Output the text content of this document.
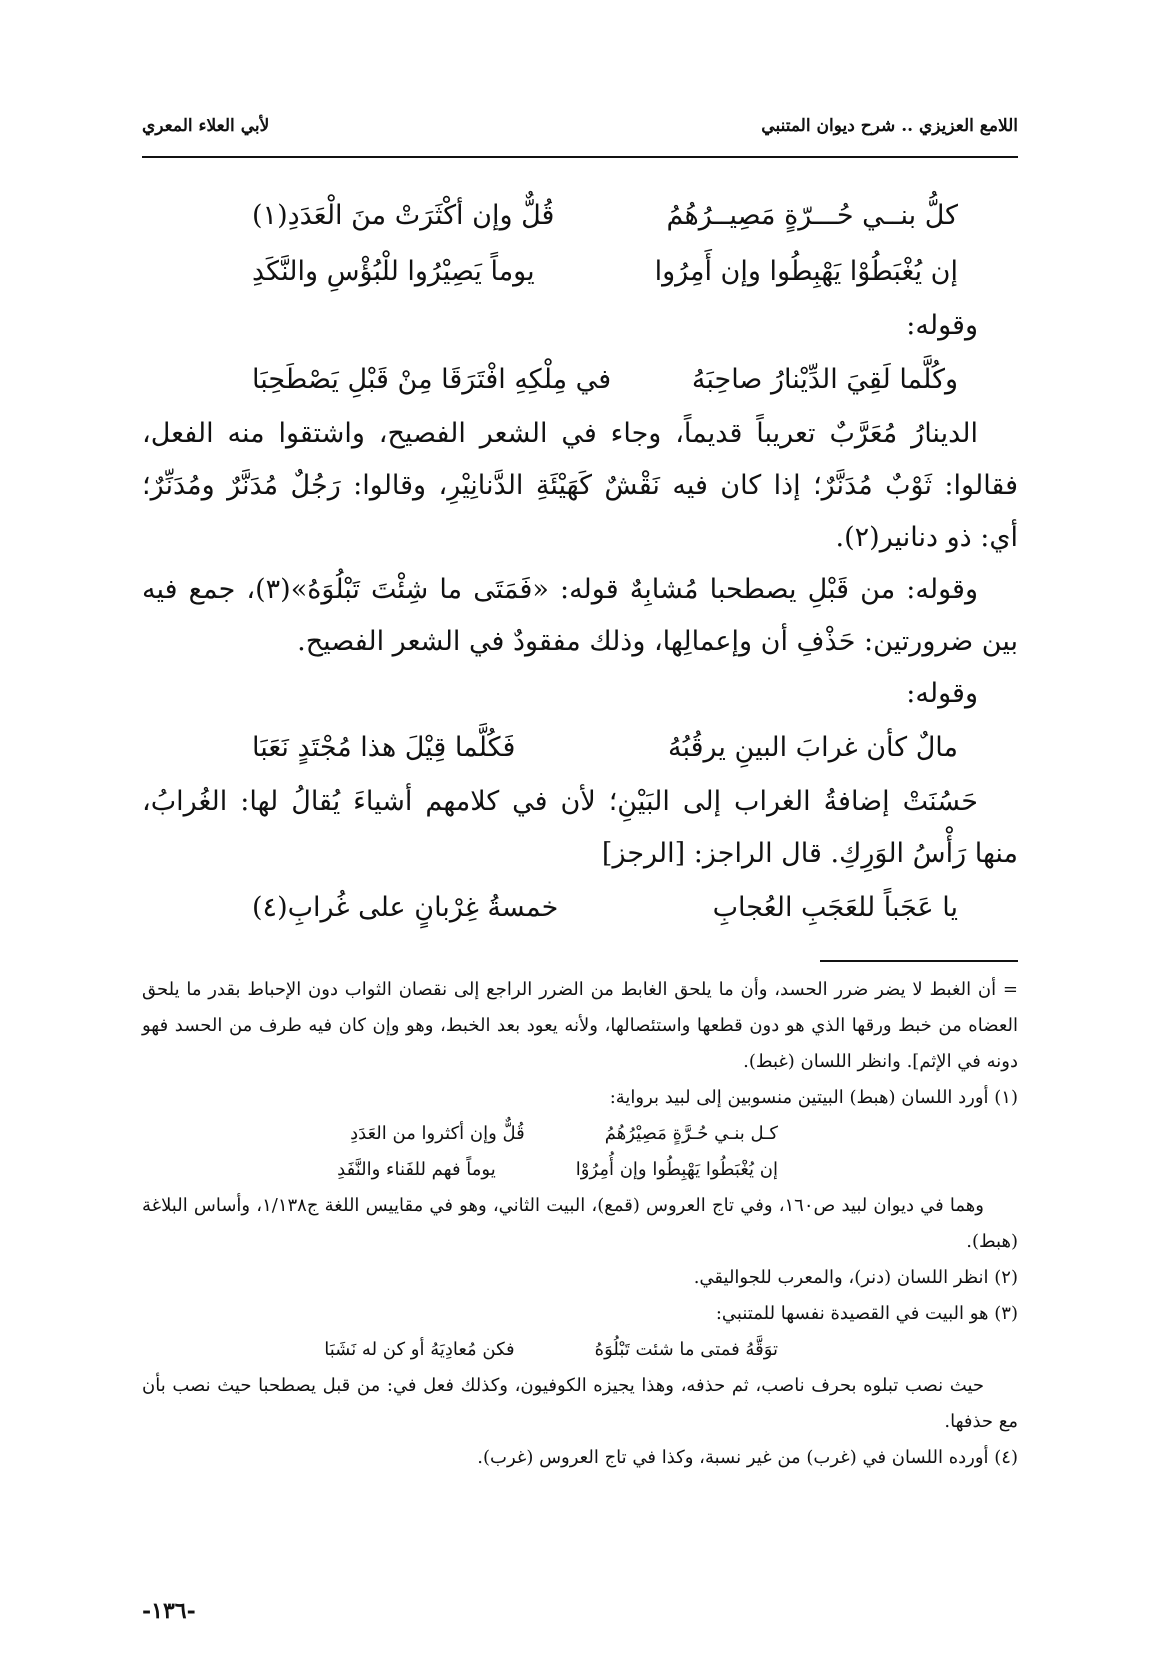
اللامع العزيزي .. شرح ديوان المتنبي
لأبي العلاء المعري
كلُّ بنــي حُـــرّةٍ مَصِيــرُهُمُ
قُلٌّ وإن أكْثَرَتْ منَ الْعَدَدِ(١)
إن يُغْبَطُوْا يَهْبِطُوا وإن أَمِرُوا
يوماً يَصِيْرُوا للْبُؤْسِ والنَّكَدِ
وقوله:
وكُلَّما لَقِيَ الدِّيْنارُ صاحِبَهُ
في مِلْكِهِ افْتَرَقَا مِنْ قَبْلِ يَصْطَحِبَا

الدينارُ مُعَرَّبٌ تعريباً قديماً، وجاء في الشعر الفصيح، واشتقوا منه الفعل، فقالوا: ثَوْبٌ مُدَنَّرٌ؛ إذا كان فيه نَقْشٌ كَهَيْئَةِ الدَّنانِيْرِ، وقالوا: رَجُلٌ مُدَنَّرٌ ومُدَنِّرٌ؛ أي: ذو دنانير(٢).

وقوله: من قَبْلِ يصطحبا مُشابِهٌ قوله: «فَمَتَى ما شِئْتَ تَبْلُوَهُ»(٣)، جمع فيه بين ضرورتين: حَذْفِ أن وإعمالِها، وذلك مفقودٌ في الشعر الفصيح.

وقوله:
مالٌ كأن غرابَ البينِ يرقُبُهُ
فَكُلَّما قِيْلَ هذا مُجْتَدٍ نَعَبَا

حَسُنَتْ إضافةُ الغراب إلى البَيْنِ؛ لأن في كلامهم أشياءَ يُقالُ لها: الغُرابُ، منها رَأْسُ الوَرِكِ. قال الراجز: [الرجز]

يا عَجَباً للعَجَبِ العُجابِ
خمسةُ غِرْبانٍ على غُرابِ(٤)

= أن الغبط لا يضر ضرر الحسد، وأن ما يلحق الغابط من الضرر الراجع إلى نقصان الثواب دون الإحباط بقدر ما يلحق العضاه من خبط ورقها الذي هو دون قطعها واستئصالها، ولأنه يعود بعد الخبط، وهو وإن كان فيه طرف من الحسد فهو دونه في الإثم]. وانظر اللسان (غبط).

(١) أورد اللسان (هبط) البيتين منسوبين إلى لبيد برواية:

كـل بنـي حُـرَّةٍ مَصِيْرُهُمُ
قُلٌّ وإن أكثروا من العَدَدِ
إن يُغْبَطُوا يَهْبِطُوا وإن أُمِرُوْا
يوماً فهم للفَناء والنَّفَدِ

وهما في ديوان لبيد ص١٦٠، وفي تاج العروس (قمع)، البيت الثاني، وهو في مقاييس اللغة ج١/١٣٨، وأساس البلاغة (هبط).

(٢) انظر اللسان (دنر)، والمعرب للجواليقي.

(٣) هو البيت في القصيدة نفسها للمتنبي:

توَقَّهُ فمتى ما شئت تَبْلُوَهُ
فكن مُعادِيَهُ أو كن له نَشَبَا

حيث نصب تبلوه بحرف ناصب، ثم حذفه، وهذا يجيزه الكوفيون، وكذلك فعل في: من قبل يصطحبا حيث نصب بأن مع حذفها.

(٤) أورده اللسان في (غرب) من غير نسبة، وكذا في تاج العروس (غرب).

-١٣٦-
